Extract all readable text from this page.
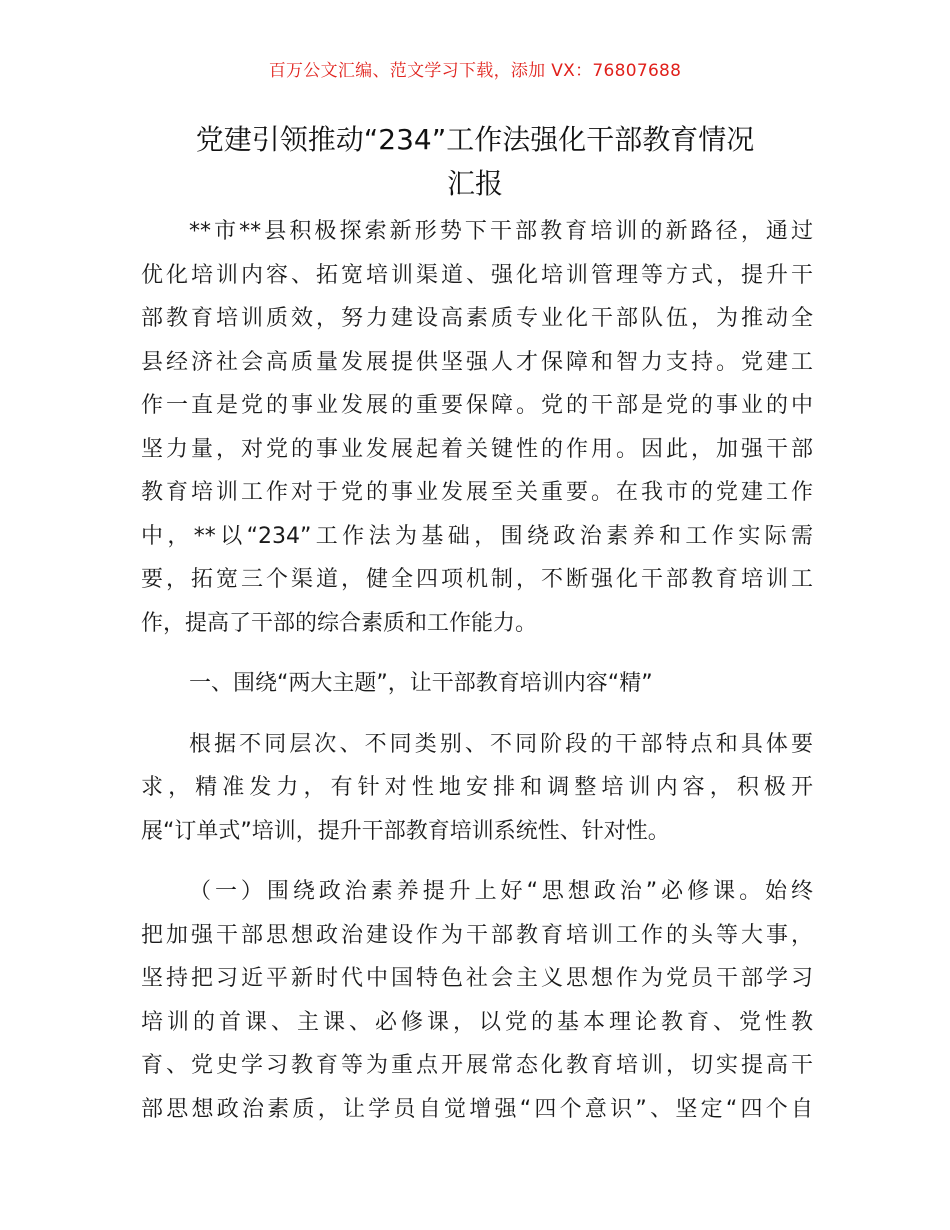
百万公文汇编、范文学习下载，添加 VX：76807688
党建引领推动“234”工作法强化干部教育情况
汇报
**市**县积极探索新形势下干部教育培训的新路径，通过
优化培训内容、拓宽培训渠道、强化培训管理等方式，提升干
部教育培训质效，努力建设高素质专业化干部队伍，为推动全
县经济社会高质量发展提供坚强人才保障和智力支持。党建工
作一直是党的事业发展的重要保障。党的干部是党的事业的中
坚力量，对党的事业发展起着关键性的作用。因此，加强干部
教育培训工作对于党的事业发展至关重要。在我市的党建工作
中，**以“234”工作法为基础，围绕政治素养和工作实际需
要，拓宽三个渠道，健全四项机制，不断强化干部教育培训工
作，提高了干部的综合素质和工作能力。
一、围绕“两大主题”，让干部教育培训内容“精”
根据不同层次、不同类别、不同阶段的干部特点和具体要
求，精准发力，有针对性地安排和调整培训内容，积极开
展“订单式”培训，提升干部教育培训系统性、针对性。
（一）围绕政治素养提升上好“思想政治”必修课。始终
把加强干部思想政治建设作为干部教育培训工作的头等大事，
坚持把习近平新时代中国特色社会主义思想作为党员干部学习
培训的首课、主课、必修课，以党的基本理论教育、党性教
育、党史学习教育等为重点开展常态化教育培训，切实提高干
部思想政治素质，让学员自觉增强“四个意识”、坚定“四个自
